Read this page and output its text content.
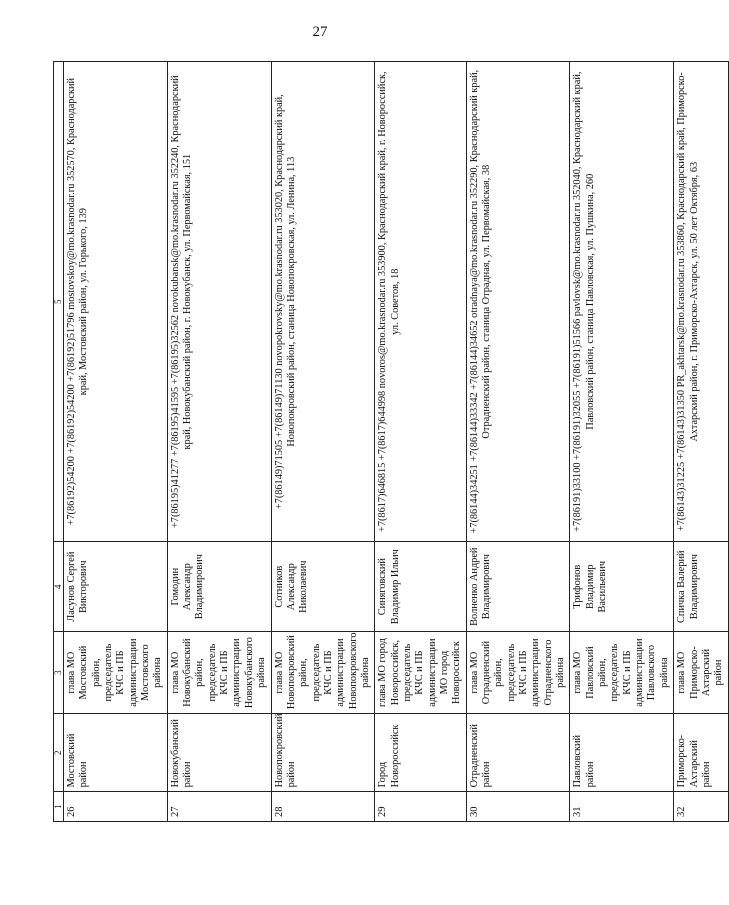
27
1	2	3	4	5
26	Мостовский район	глава МО Мостовский район, председатель КЧС и ПБ администрации Мостовского района	Ласунов Сергей Викторович	+7(86192)54200 +7(86192)54200 +7(86192)51796 mostovskoy@mo.krasnodar.ru 352570, Краснодарский край, Мостовский район, ул. Горького, 139
27	Новокубанский район	глава МО Новокубанский район, председатель КЧС и ПБ администрации Новокубанского района	Гомодин Александр Владимирович	+7(86195)41277 +7(86195)41595 +7(86195)32562 novokubansk@mo.krasnodar.ru 352240, Краснодарский край, Новокубанский район, г. Новокубанск, ул. Первомайская, 151
28	Новопокровский район	глава МО Новопокровский район, председатель КЧС и ПБ администрации Новопокровского района	Сотников Александр Николаевич	+7(86149)71505 +7(86149)71130 novopokrovsky@mo.krasnodar.ru 353020, Краснодарский край, Новопокровский район, станица Новопокровская, ул. Ленина, 113
29	Город Новороссийск	глава МО город Новороссийск, председатель КЧС и ПБ администрации МО город Новороссийск	Синяговский Владимир Ильич	+7(8617)646815 +7(8617)644998 novoros@mo.krasnodar.ru 353900, Краснодарский край, г. Новороссийск, ул. Советов, 18
30	Отрадненский район	глава МО Отрадненский район, председатель КЧС и ПБ администрации Отрадненского района	Волненко Андрей Владимирович	+7(86144)34251 +7(86144)33342 +7(86144)34652 otradnaya@mo.krasnodar.ru 352290, Краснодарский край, Отрадненский район, станица Отрадная, ул. Первомайская, 38
31	Павловский район	глава МО Павловский район, председатель КЧС и ПБ администрации Павловского района	Трифонов Владимир Васильевич	+7(86191)33100 +7(86191)32055 +7(86191)51566 pavlovsk@mo.krasnodar.ru 352040, Краснодарский край, Павловский район, станица Павловская, ул. Пушкина, 260
32	Приморско-Ахтарский район	глава МО Приморско-Ахтарский район	Спичка Валерий Владимирович	+7(86143)31225 +7(86143)31350 PR_akhtarsk@mo.krasnodar.ru 353860, Краснодарский край, Приморско-Ахтарский район, г. Приморско-Ахтарск, ул. 50 лет Октября, 63
